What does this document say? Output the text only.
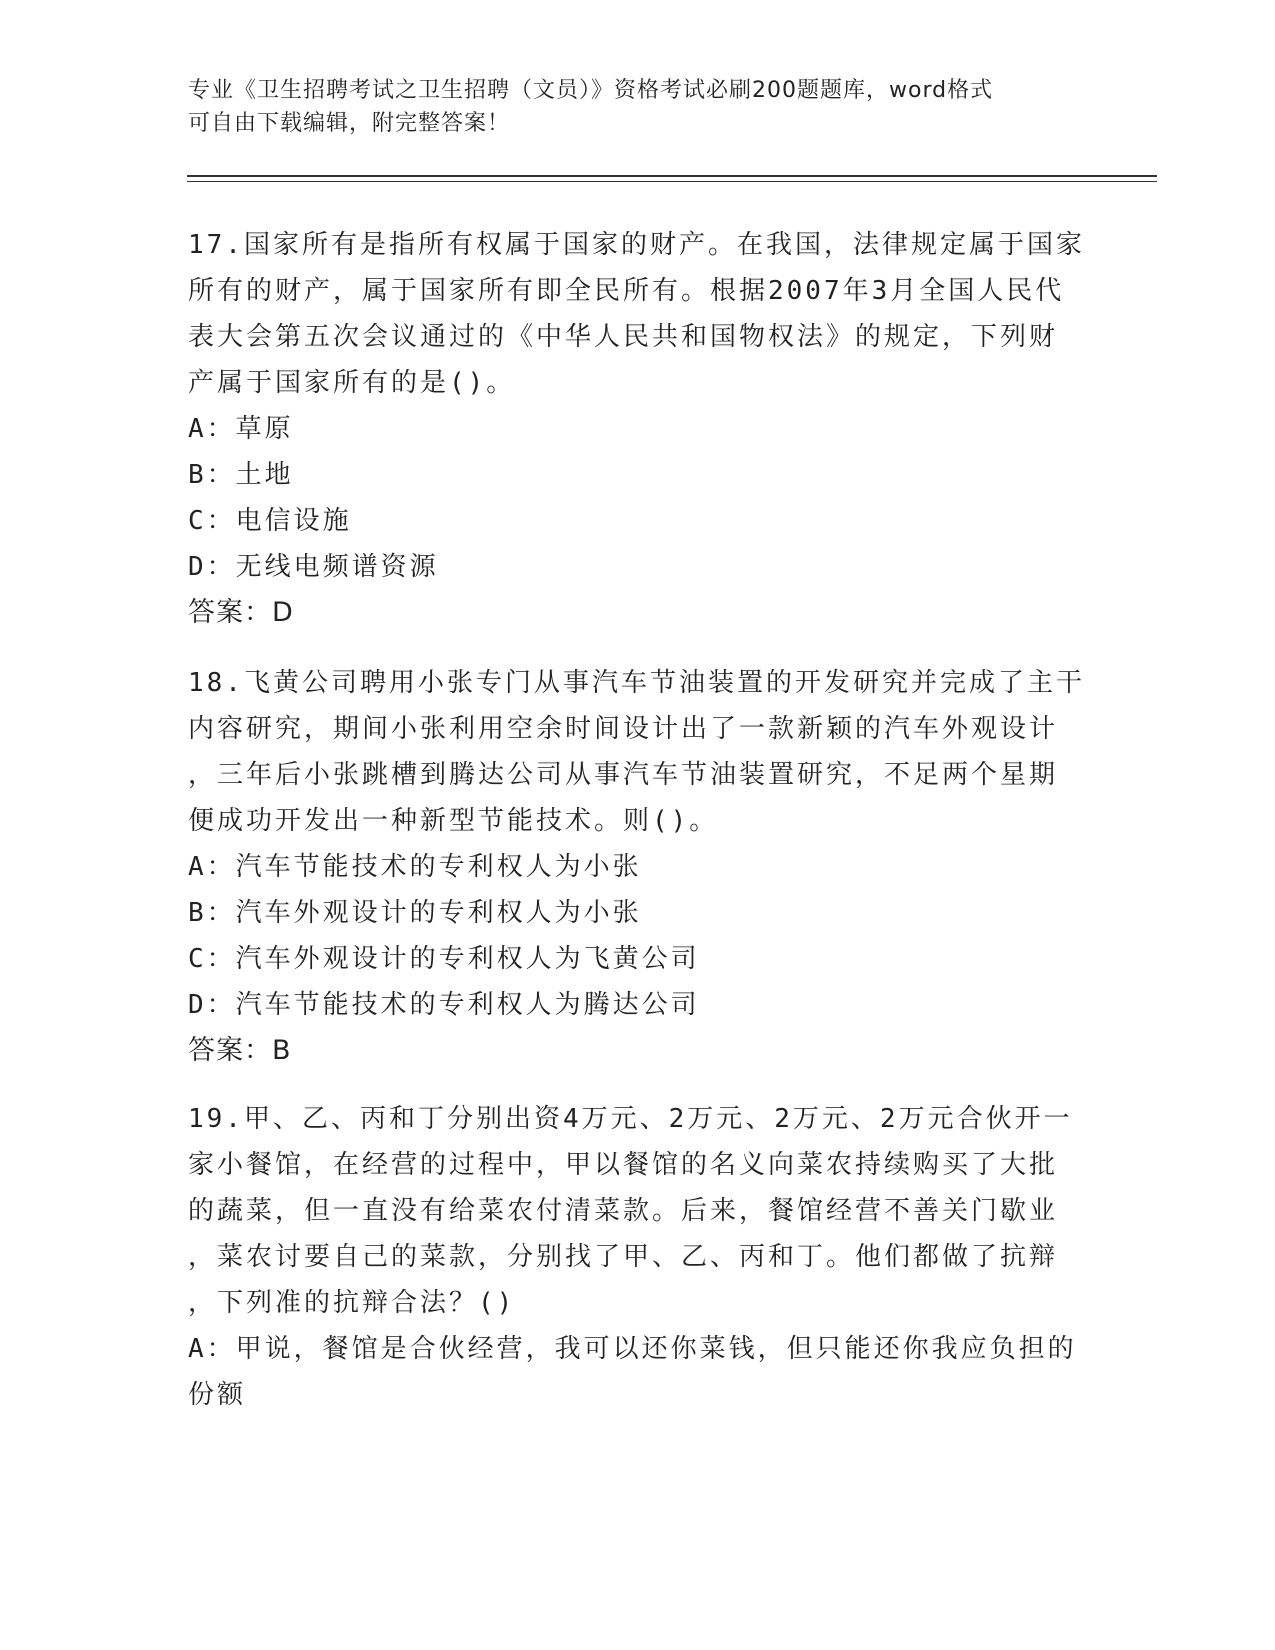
专业《卫生招聘考试之卫生招聘（文员）》资格考试必刷200题题库，word格式
可自由下载编辑，附完整答案！
17.国家所有是指所有权属于国家的财产。在我国，法律规定属于国家
所有的财产，属于国家所有即全民所有。根据2007年3月全国人民代
表大会第五次会议通过的《中华人民共和国物权法》的规定，下列财
产属于国家所有的是()。
A：草原
B：土地
C：电信设施
D：无线电频谱资源
答案：D
18.飞黄公司聘用小张专门从事汽车节油装置的开发研究并完成了主干
内容研究，期间小张利用空余时间设计出了一款新颖的汽车外观设计
，三年后小张跳槽到腾达公司从事汽车节油装置研究，不足两个星期
便成功开发出一种新型节能技术。则()。
A：汽车节能技术的专利权人为小张
B：汽车外观设计的专利权人为小张
C：汽车外观设计的专利权人为飞黄公司
D：汽车节能技术的专利权人为腾达公司
答案：B
19.甲、乙、丙和丁分别出资4万元、2万元、2万元、2万元合伙开一
家小餐馆，在经营的过程中，甲以餐馆的名义向菜农持续购买了大批
的蔬菜，但一直没有给菜农付清菜款。后来，餐馆经营不善关门歇业
，菜农讨要自己的菜款，分别找了甲、乙、丙和丁。他们都做了抗辩
，下列准的抗辩合法？()
A：甲说，餐馆是合伙经营，我可以还你菜钱，但只能还你我应负担的
份额
